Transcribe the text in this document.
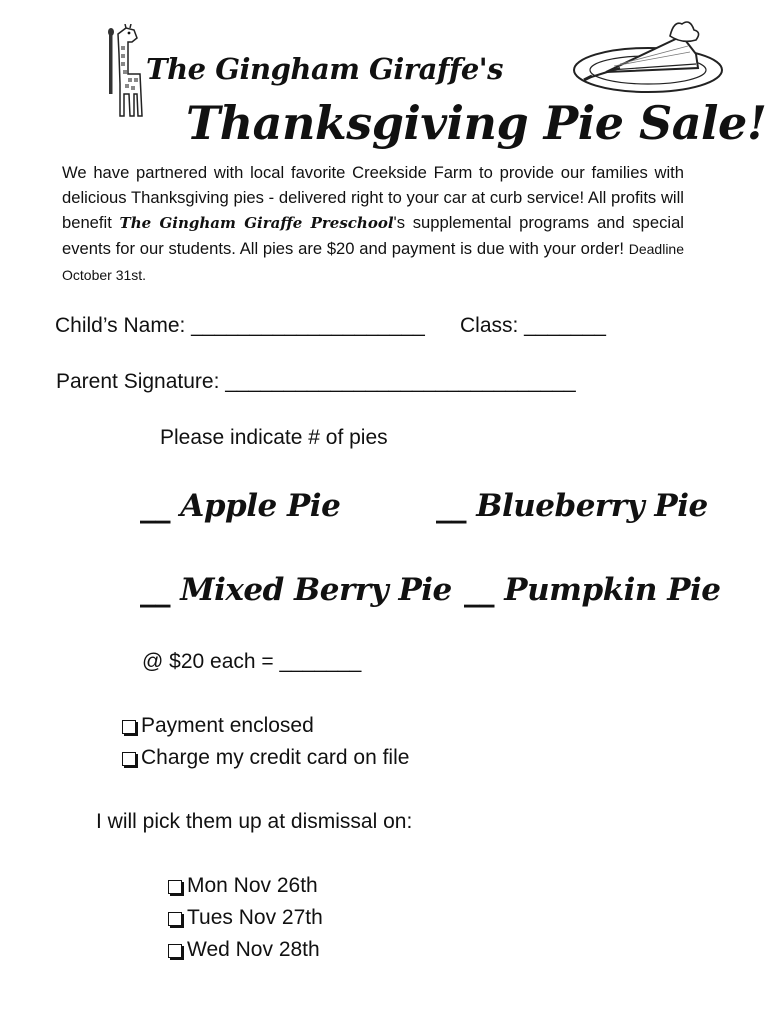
The Gingham Giraffe's
Thanksgiving Pie Sale!
We have partnered with local favorite Creekside Farm to provide our families with delicious Thanksgiving pies - delivered right to your car at curb service! All profits will benefit The Gingham Giraffe Preschool's supplemental programs and special events for our students. All pies are $20 and payment is due with your order! Deadline October 31st.
Child’s Name: ____________________ Class: _______
Parent Signature: ______________________________
Please indicate # of pies
__ Apple Pie	__ Blueberry Pie
__ Mixed Berry Pie __ Pumpkin Pie
@ $20 each = _______
Payment enclosed
Charge my credit card on file
I will pick them up at dismissal on:
Mon Nov 26th
Tues Nov 27th
Wed Nov 28th
